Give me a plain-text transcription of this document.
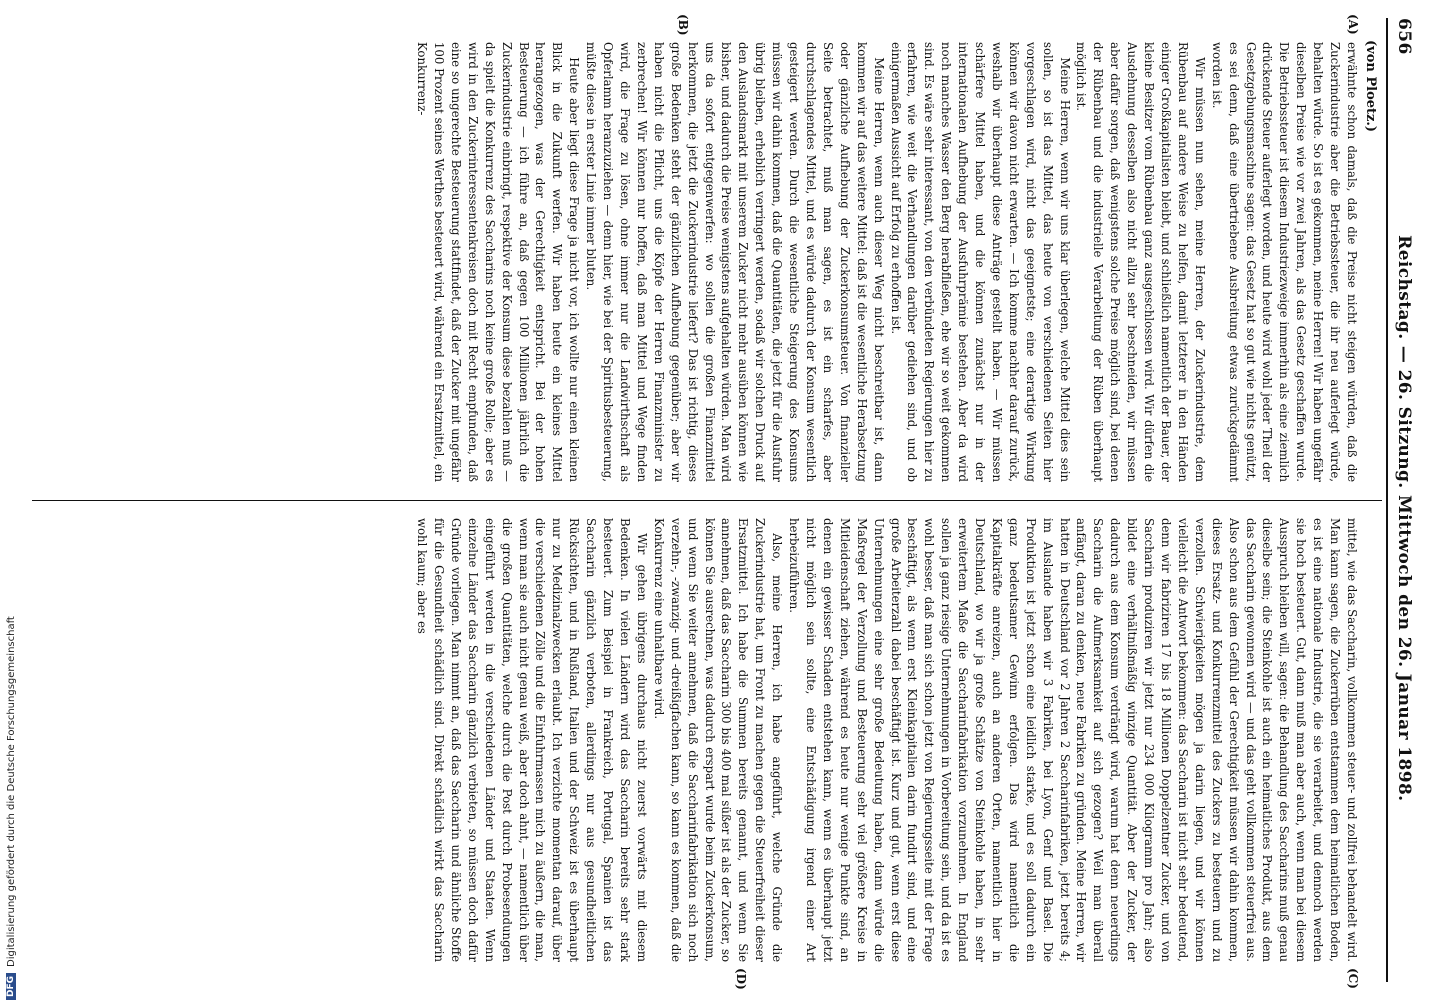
656
Reichstag. — 26. Sitzung. Mittwoch den 26. Januar 1898.
(von Ploetz.)
(A)
(B)
(C)
(D)

erwähnte schon damals, daß die Preise nicht steigen würden, daß die Zuckerindustrie aber die Betriebssteuer, die ihr neu auferlegt würde, behalten würde. So ist es gekommen, meine Herren! Wir haben ungefähr dieselben Preise wie vor zwei Jahren, als das Gesetz geschaffen wurde. Die Betriebssteuer ist diesem Industriezweige immerhin als eine ziemlich drückende Steuer auferlegt worden, und heute wird wohl jeder Theil der Gesetzgebungsmaschine sagen: das Gesetz hat so gut wie nichts genützt, es sei denn, daß eine übertriebene Ausbreitung etwas zurückgedämmt worden ist.

Wir müssen nun sehen, meine Herren, der Zuckerindustrie, dem Rübenbau auf andere Weise zu helfen, damit letzterer in den Händen einiger Großkapitalisten bleibt, und schließlich namentlich der Bauer, der kleine Besitzer vom Rübenbau ganz ausgeschlossen wird. Wir dürfen die Ausdehnung desselben also nicht allzu sehr beschneiden, wir müssen aber dafür sorgen, daß wenigstens solche Preise möglich sind, bei denen der Rübenbau und die industrielle Verarbeitung der Rüben überhaupt möglich ist.

Meine Herren, wenn wir uns klar überlegen, welche Mittel dies sein sollen, so ist das Mittel, das heute von verschiedenen Seiten hier vorgeschlagen wird, nicht das geeignetste; eine derartige Wirkung können wir davon nicht erwarten. — Ich komme nachher darauf zurück, weshalb wir überhaupt diese Anträge gestellt haben. — Wir müssen schärfere Mittel haben, und die können zunächst nur in der internationalen Aufhebung der Ausfuhrprämie bestehen. Aber da wird noch manches Wasser den Berg herabfließen, ehe wir so weit gekommen sind. Es wäre sehr interessant, von den verbündeten Regierungen hier zu erfahren, wie weit die Verhandlungen darüber gediehen sind, und ob einigermaßen Aussicht auf Erfolg zu erhoffen ist.

Meine Herren, wenn auch dieser Weg nicht beschreitbar ist, dann kommen wir auf das weitere Mittel: daß ist die wesentliche Herabsetzung oder gänzliche Aufhebung der Zuckerkonsumsteuer. Von finanzieller Seite betrachtet, muß man sagen, es ist ein scharfes, aber durchschlagendes Mittel, und es würde dadurch der Konsum wesentlich gesteigert werden. Durch die wesentliche Steigerung des Konsums müssen wir dahin kommen, daß die Quantitäten, die jetzt für die Ausfuhr übrig bleiben, erheblich verringert werden, sodaß wir solchen Druck auf den Auslandsmarkt mit unserem Zucker nicht mehr ausüben können wie bisher, und dadurch die Preise wenigstens aufgehalten würden. Man wird uns da sofort entgegenwerfen: wo sollen die großen Finanzmittel herkommen, die jetzt die Zuckerindustrie liefert? Das ist richtig, dieses große Bedenken steht der gänzlichen Aufhebung gegenüber; aber wir haben nicht die Pflicht, uns die Köpfe der Herren Finanzminister zu zerbrechen! Wir können nur hoffen, daß man Mittel und Wege finden wird, die Frage zu lösen, ohne immer nur die Landwirthschaft als Opferlamm heranzuziehen — denn hier, wie bei der Spiritusbesteuerung, müßte diese in erster Linie immer bluten.

Heute aber liegt diese Frage ja nicht vor, ich wollte nur einen kleinen Blick in die Zukunft werfen. Wir haben heute ein kleines Mittel herangezogen, was der Gerechtigkeit entspricht. Bei der hohen Besteuerung — ich führe an, daß gegen 100 Millionen jährlich die Zuckerindustrie einbringt, respektive der Konsum diese bezahlen muß — da spielt die Konkurrenz des Saccharins noch keine große Rolle; aber es wird in den Zuckerinteressentenkreisen doch mit Recht empfunden, daß eine so ungerechte Besteuerung stattfindet, daß der Zucker mit ungefähr 100 Prozent seines Werthes besteuert wird, während ein Ersatzmittel, ein Konkurrenz-

mittel, wie das Saccharin, vollkommen steuer- und zollfrei behandelt wird. Man kann sagen, die Zuckerrüben entstammen dem heimatlichen Boden, es ist eine nationale Industrie, die sie verarbeitet, und dennoch werden sie hoch besteuert. Gut, dann muß man aber auch, wenn man bei diesem Ausspruch bleiben will, sagen: die Behandlung des Saccharins muß genau dieselbe sein; die Steinkohle ist auch ein heimatliches Produkt, aus dem das Saccharin gewonnen wird — und das geht vollkommen steuerfrei aus. Also schon aus dem Gefühl der Gerechtigkeit müssen wir dahin kommen, dieses Ersatz- und Konkurrenzmittel des Zuckers zu besteuern und zu verzollen. Schwierigkeiten mögen ja darin liegen, und wir können vielleicht die Antwort bekommen: das Saccharin ist nicht sehr bedeutend, denn wir fabriziren 17 bis 18 Millionen Doppelzentner Zucker, und von Saccharin produziren wir jetzt nur 234 000 Kilogramm pro Jahr; also bildet eine verhältnißmäßig winzige Quantität. Aber der Zucker, der dadurch aus dem Konsum verdrängt wird, warum hat denn neuerdings Saccharin die Aufmerksamkeit auf sich gezogen? Weil man überall anfängt, daran zu denken, neue Fabriken zu gründen. Meine Herren, wir hatten in Deutschland vor 2 Jahren 2 Saccharinfabriken, jetzt bereits 4; im Auslande haben wir 3 Fabriken, bei Lyon, Genf und Basel. Die Produktion ist jetzt schon eine leidlich starke, und es soll dadurch ein ganz bedeutsamer Gewinn erfolgen. Das wird namentlich die Kapitalkräfte anreizen, auch an anderen Orten, namentlich hier in Deutschland, wo wir ja große Schätze von Steinkohle haben, in sehr erweitertem Maße die Saccharinfabrikation vorzunehmen. In England sollen ja ganz riesige Unternehmungen in Vorbereitung sein, und da ist es wohl besser, daß man sich schon jetzt von Regierungsseite mit der Frage beschäftigt, als wenn erst Kleinkapitalien darin fundirt sind, und eine große Arbeiterzahl dabei beschäftigt ist. Kurz und gut, wenn erst diese Unternehmungen eine sehr große Bedeutung haben, dann würde die Maßregel der Verzollung und Besteuerung sehr viel größere Kreise in Mitleidenschaft ziehen, während es heute nur wenige Punkte sind, an denen ein gewisser Schaden entstehen kann, wenn es überhaupt jetzt nicht möglich sein sollte, eine Entschädigung irgend einer Art herbeizuführen.

Also, meine Herren, ich habe angeführt, welche Gründe die Zuckerindustrie hat, um Front zu machen gegen die Steuerfreiheit dieser Ersatzmittel. Ich habe die Summen bereits genannt, und wenn Sie annehmen, daß das Saccharin 300 bis 400 mal süßer ist als der Zucker, so können Sie ausrechnen, was dadurch erspart wurde beim Zuckerkonsum, und wenn Sie weiter annehmen, daß die Saccharinfabrikation sich noch verzehn-, -zwanzig- und -dreißigfachen kann, so kann es kommen, daß die Konkurrenz eine unhaltbare wird.

Wir gehen übrigens durchaus nicht zuerst vorwärts mit diesem Bedenken. In vielen Ländern wird das Saccharin bereits sehr stark besteuert. Zum Beispiel in Frankreich, Portugal, Spanien ist das Saccharin gänzlich verboten, allerdings nur aus gesundheitlichen Rücksichten, und in Rußland, Italien und der Schweiz ist es überhaupt nur zu Medizinalzwecken erlaubt. Ich verzichte momentan darauf, über die verschiedenen Zölle und die Einfuhrmassen mich zu äußern, die man, wenn man sie auch nicht genau weiß, aber doch ahnt, — namentlich über die großen Quantitäten, welche durch die Post durch Probesendungen eingeführt werden in die verschiedenen Länder und Staaten. Wenn einzelne Länder das Saccharin gänzlich verbieten, so müssen doch dafür Gründe vorliegen. Man nimmt an, daß das Saccharin und ähnliche Stoffe für die Gesundheit schädlich sind. Direkt schädlich wirkt das Saccharin wohl kaum; aber es

DFG
Digitalisierung gefördert durch die Deutsche Forschungsgemeinschaft
